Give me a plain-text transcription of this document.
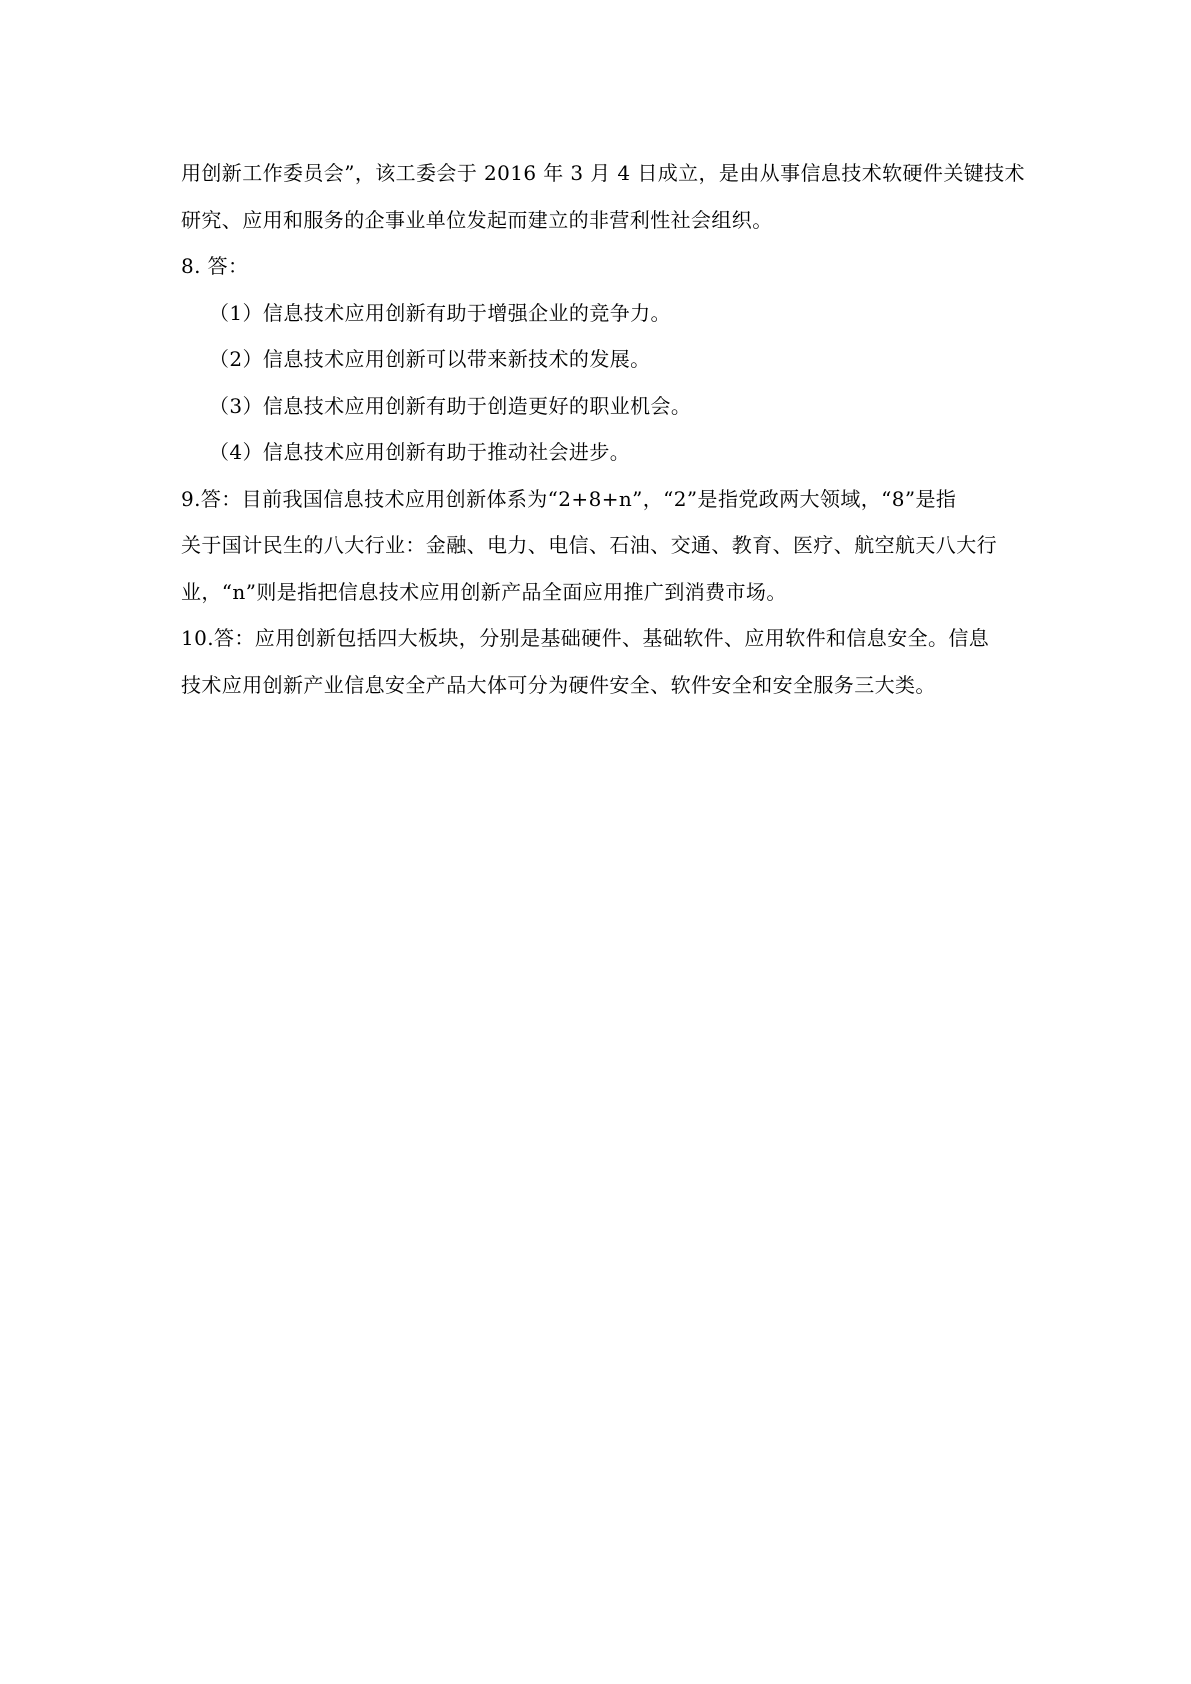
用创新工作委员会”，该工委会于 2016 年 3 月 4 日成立，是由从事信息技术软硬件关键技术
研究、应用和服务的企事业单位发起而建立的非营利性社会组织。
8. 答：
（1）信息技术应用创新有助于增强企业的竞争力。
（2）信息技术应用创新可以带来新技术的发展。
（3）信息技术应用创新有助于创造更好的职业机会。
（4）信息技术应用创新有助于推动社会进步。
9.答：目前我国信息技术应用创新体系为“2+8+n”，“2”是指党政两大领域，“8”是指
关于国计民生的八大行业：金融、电力、电信、石油、交通、教育、医疗、航空航天八大行
业，“n”则是指把信息技术应用创新产品全面应用推广到消费市场。
10.答：应用创新包括四大板块，分别是基础硬件、基础软件、应用软件和信息安全。信息
技术应用创新产业信息安全产品大体可分为硬件安全、软件安全和安全服务三大类。
